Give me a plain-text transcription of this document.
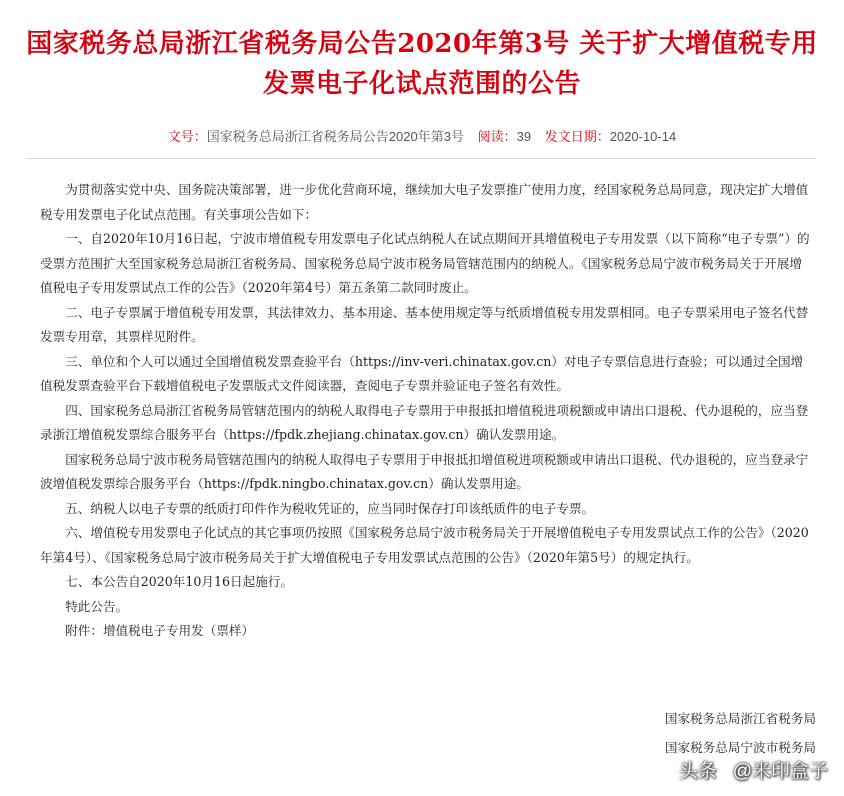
国家税务总局浙江省税务局公告2020年第3号 关于扩大增值税专用
发票电子化试点范围的公告
文号：国家税务总局浙江省税务局公告2020年第3号 阅读：39 发文日期：2020-10-14

　　为贯彻落实党中央、国务院决策部署，进一步优化营商环境，继续加大电子发票推广使用力度，经国家税务总局同意，现决定扩大增值税专用发票电子化试点范围。有关事项公告如下：

　　一、自2020年10月16日起，宁波市增值税专用发票电子化试点纳税人在试点期间开具增值税电子专用发票（以下简称“电子专票”）的受票方范围扩大至国家税务总局浙江省税务局、国家税务总局宁波市税务局管辖范围内的纳税人。《国家税务总局宁波市税务局关于开展增值税电子专用发票试点工作的公告》（2020年第4号）第五条第二款同时废止。

　　二、电子专票属于增值税专用发票，其法律效力、基本用途、基本使用规定等与纸质增值税专用发票相同。电子专票采用电子签名代替发票专用章，其票样见附件。

　　三、单位和个人可以通过全国增值税发票查验平台（https://inv-veri.chinatax.gov.cn）对电子专票信息进行查验；可以通过全国增值税发票查验平台下载增值税电子发票版式文件阅读器，查阅电子专票并验证电子签名有效性。

　　四、国家税务总局浙江省税务局管辖范围内的纳税人取得电子专票用于申报抵扣增值税进项税额或申请出口退税、代办退税的，应当登录浙江增值税发票综合服务平台（https://fpdk.zhejiang.chinatax.gov.cn）确认发票用途。

　　国家税务总局宁波市税务局管辖范围内的纳税人取得电子专票用于申报抵扣增值税进项税额或申请出口退税、代办退税的，应当登录宁波增值税发票综合服务平台（https://fpdk.ningbo.chinatax.gov.cn）确认发票用途。

　　五、纳税人以电子专票的纸质打印件作为税收凭证的，应当同时保存打印该纸质件的电子专票。

　　六、增值税专用发票电子化试点的其它事项仍按照《国家税务总局宁波市税务局关于开展增值税电子专用发票试点工作的公告》（2020年第4号）、《国家税务总局宁波市税务局关于扩大增值税电子专用发票试点范围的公告》（2020年第5号）的规定执行。

　　七、本公告自2020年10月16日起施行。

　　特此公告。

　　附件：增值税电子专用发（票样）

国家税务总局浙江省税务局
国家税务总局宁波市税务局
头条 @米印盒子
